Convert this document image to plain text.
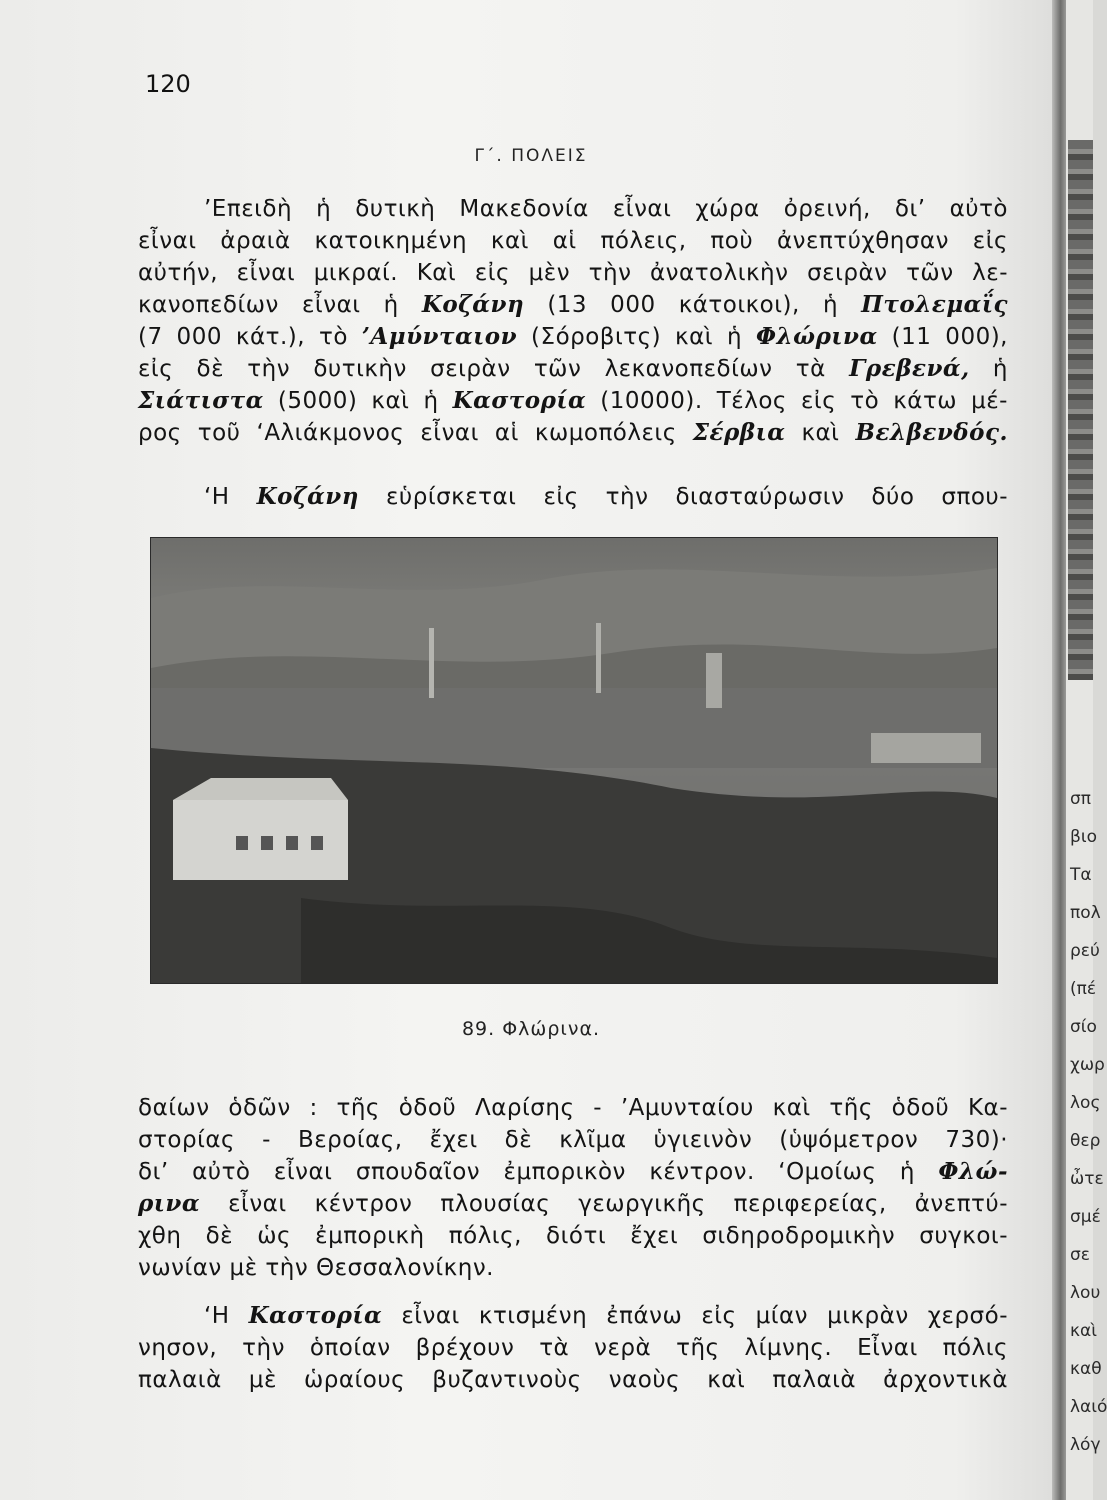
120
Γ΄. ΠΟΛΕΙΣ
’Επειδὴ ἡ δυτικὴ Μακεδονία εἶναι χώρα ὀρεινή, δι’ αὐτὸ
εἶναι ἀραιὰ κατοικημένη καὶ αἱ πόλεις, ποὺ ἀνεπτύχθησαν εἰς
αὐτήν, εἶναι μικραί. Καὶ εἰς μὲν τὴν ἀνατολικὴν σειρὰν τῶν λε-
κανοπεδίων εἶναι ἡ Κοζάνη (13 000 κάτοικοι), ἡ Πτολεμαΐς
(7 000 κάτ.), τὸ ’Αμύνταιον (Σόροβιτς) καὶ ἡ Φλώρινα (11 000),
εἰς δὲ τὴν δυτικὴν σειρὰν τῶν λεκανοπεδίων τὰ Γρεβενά, ἡ
Σιάτιστα (5000) καὶ ἡ Καστορία (10000). Τέλος εἰς τὸ κάτω μέ-
ρος τοῦ ‘Αλιάκμονος εἶναι αἱ κωμοπόλεις Σέρβια καὶ Βελβενδός.
‘Η Κοζάνη εὑρίσκεται εἰς τὴν διασταύρωσιν δύο σπου-
89. Φλώρινα.
δαίων ὁδῶν : τῆς ὁδοῦ Λαρίσης - ’Αμυνταίου καὶ τῆς ὁδοῦ Κα-
στορίας - Βεροίας, ἔχει δὲ κλῖμα ὑγιεινὸν (ὑψόμετρον 730)·
δι’ αὐτὸ εἶναι σπουδαῖον ἐμπορικὸν κέντρον. ‘Ομοίως ἡ Φλώ-
ρινα εἶναι κέντρον πλουσίας γεωργικῆς περιφερείας, ἀνεπτύ-
χθη δὲ ὡς ἐμπορικὴ πόλις, διότι ἔχει σιδηροδρομικὴν συγκοι-
νωνίαν μὲ τὴν Θεσσαλονίκην.
‘Η Καστορία εἶναι κτισμένη ἐπάνω εἰς μίαν μικρὰν χερσό-
νησον, τὴν ὁποίαν βρέχουν τὰ νερὰ τῆς λίμνης. Εἶναι πόλις
παλαιὰ μὲ ὡραίους βυζαντινοὺς ναοὺς καὶ παλαιὰ ἀρχοντικὰ
σπ
βιο
Τα
πολ
ρεύ
(πέ
σίο
χωρ
λος
θερ
ὦτε
σμέ
σε
λου
καὶ
καθ
λαιό
λόγ
